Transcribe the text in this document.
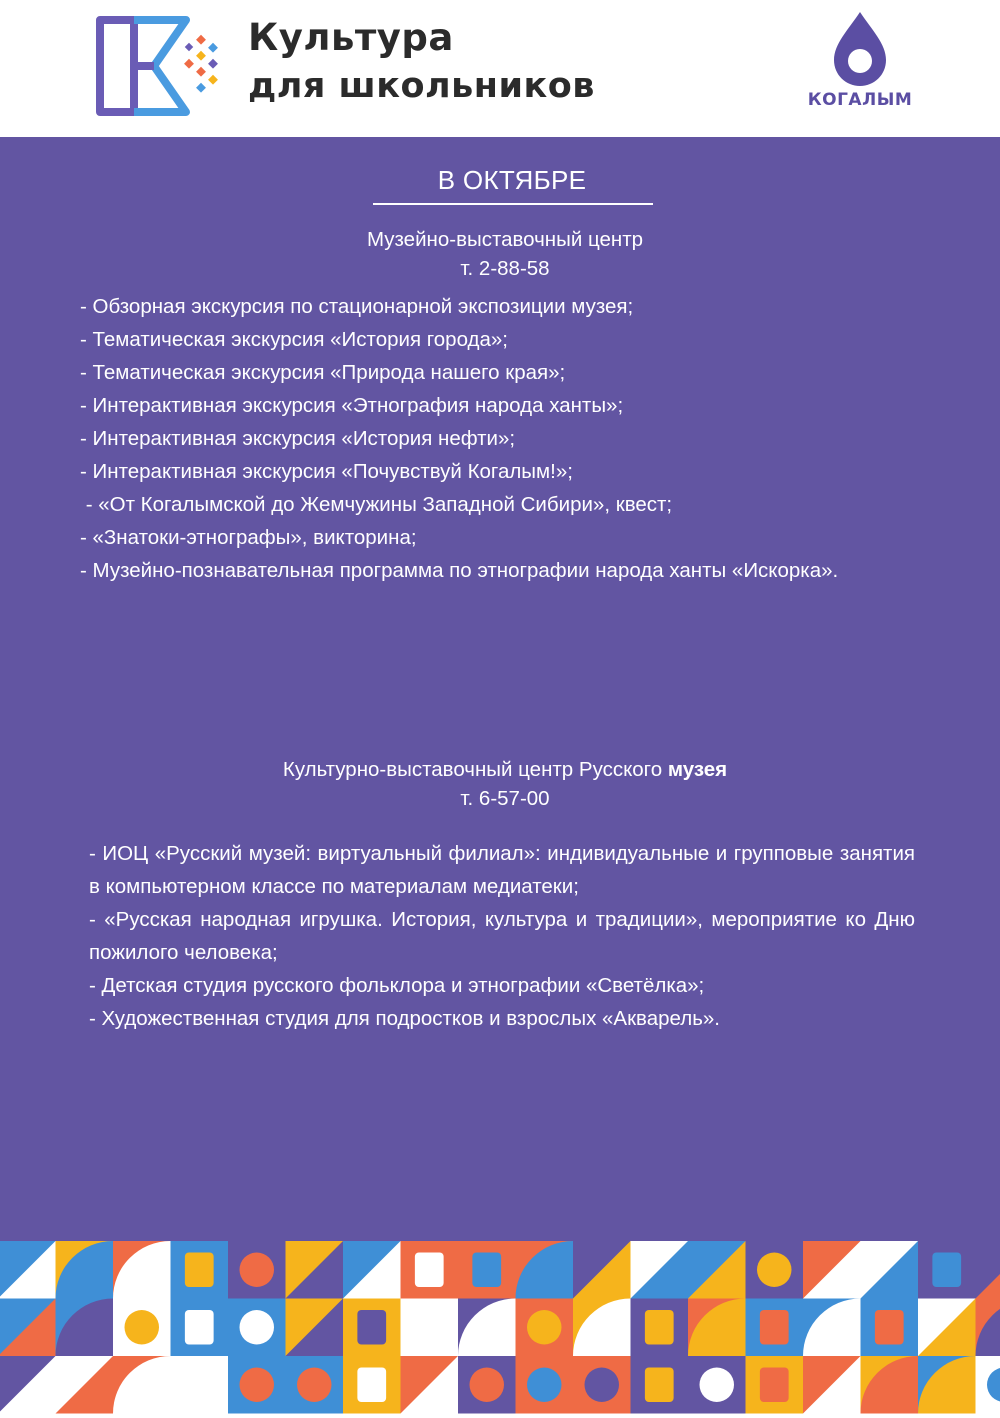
Культура
для школьников	КОГАЛЫМ
В ОКТЯБРЕ
Музейно-выставочный центр
т. 2-88-58
- Обзорная экскурсия по стационарной экспозиции музея;
- Тематическая экскурсия «История города»;
- Тематическая экскурсия «Природа нашего края»;
- Интерактивная экскурсия «Этнография народа ханты»;
- Интерактивная экскурсия «История нефти»;
- Интерактивная экскурсия «Почувствуй Когалым!»;
- «От Когалымской до Жемчужины Западной Сибири», квест;
- «Знатоки-этнографы», викторина;
- Музейно-познавательная программа по этнографии народа ханты «Искорка».
Культурно-выставочный центр Русского музея
т. 6-57-00
- ИОЦ «Русский музей: виртуальный филиал»: индивидуальные и групповые занятия в компьютерном классе по материалам медиатеки;
- «Русская народная игрушка. История, культура и традиции», мероприятие ко Дню пожилого человека;
- Детская студия русского фольклора и этнографии «Светёлка»;
- Художественная студия для подростков и взрослых «Акварель».
